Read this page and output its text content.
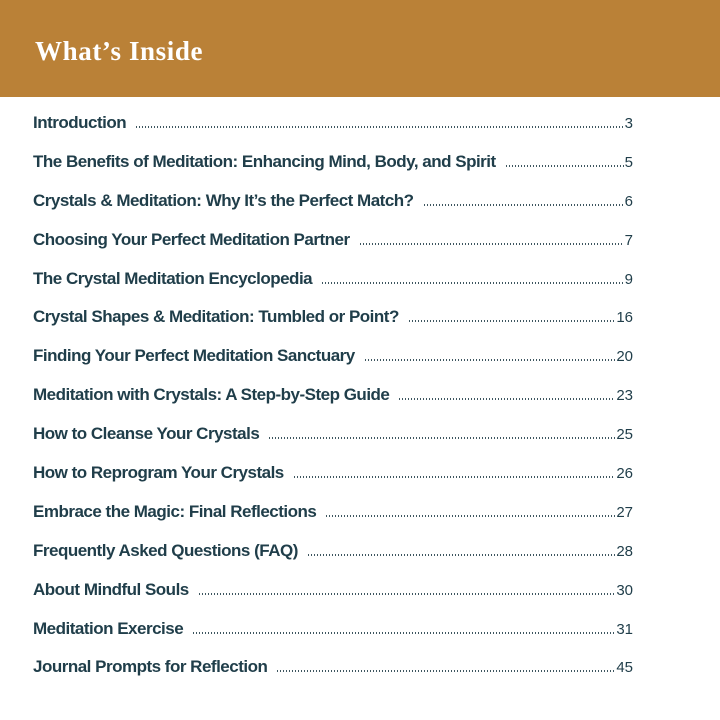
What’s Inside
Introduction	3
The Benefits of Meditation: Enhancing Mind, Body, and Spirit	5
Crystals & Meditation: Why It’s the Perfect Match?	6
Choosing Your Perfect Meditation Partner	7
The Crystal Meditation Encyclopedia	9
Crystal Shapes & Meditation: Tumbled or Point?	16
Finding Your Perfect Meditation Sanctuary	20
Meditation with Crystals: A Step-by-Step Guide	23
How to Cleanse Your Crystals	25
How to Reprogram Your Crystals	26
Embrace the Magic: Final Reflections	27
Frequently Asked Questions (FAQ)	28
About Mindful Souls	30
Meditation Exercise	31
Journal Prompts for Reflection	45
